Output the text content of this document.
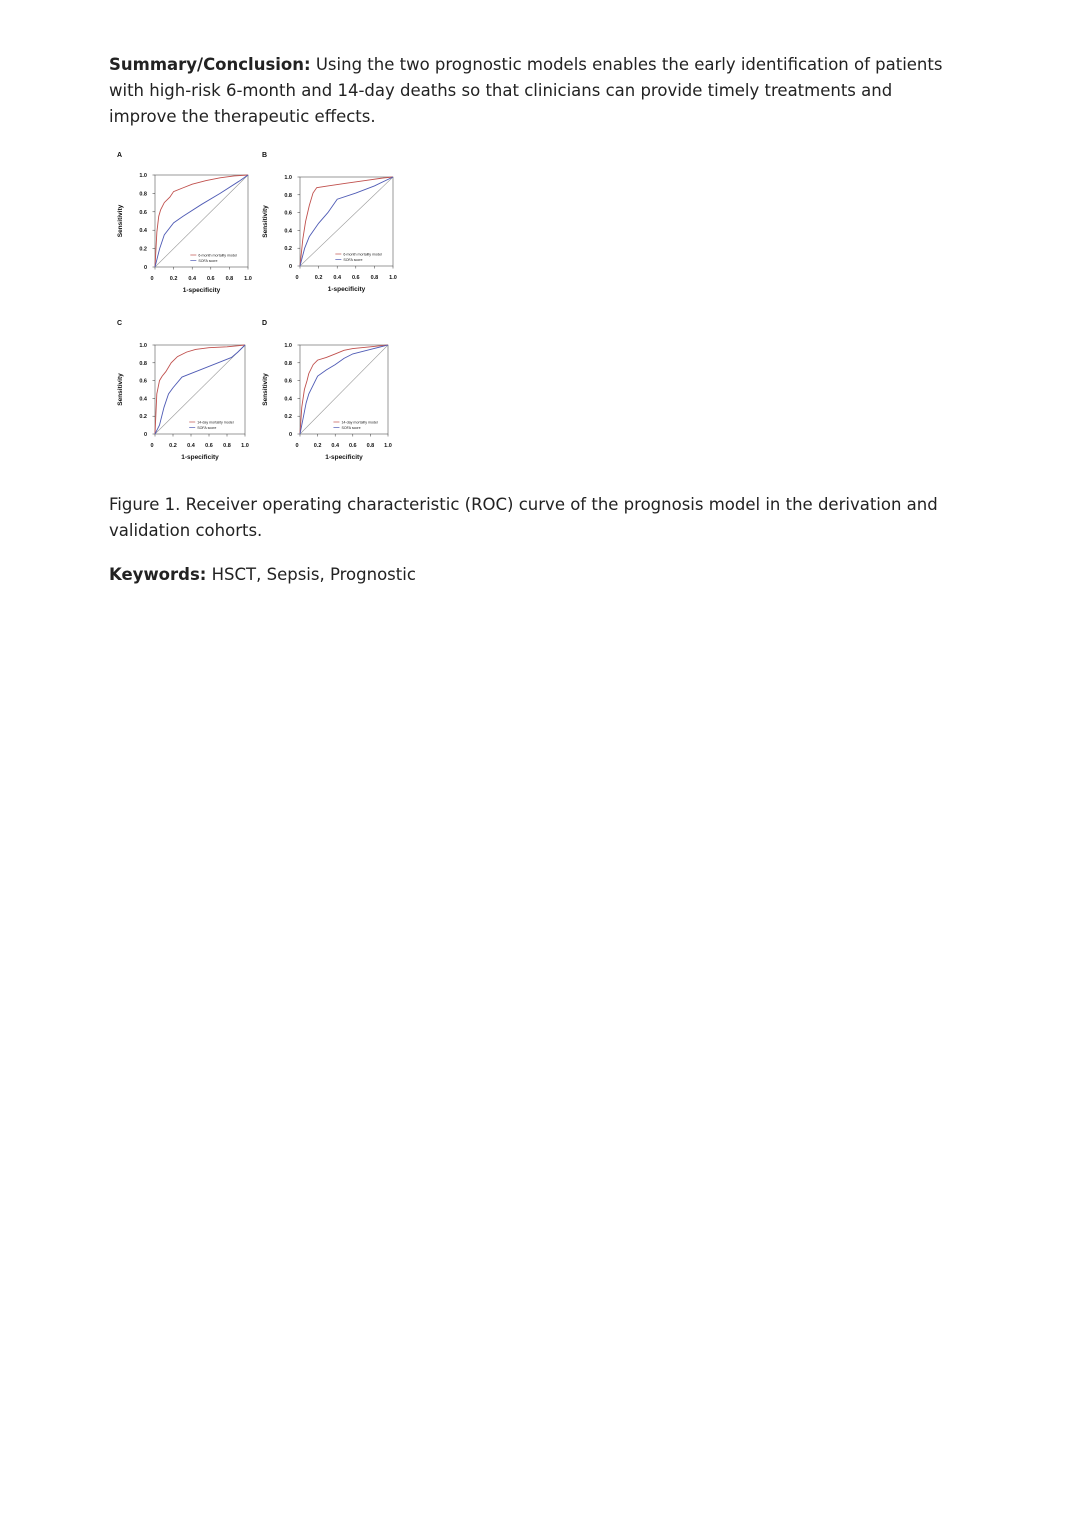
Summary/Conclusion: Using the two prognostic models enables the early identification of patients with high-risk 6-month and 14-day deaths so that clinicians can provide timely treatments and improve the therapeutic effects.

A
0
0.2
0.4
0.6
0.8
1.0
0	0.2 0.4 0.6 0.8 1.0
1-specificity
Sensitivity
6-month mortality model
SOFA score
B
0
0.2
0.4
0.6
0.8
1.0
0	0.2 0.4 0.6 0.8 1.0
1-specificity
Sensitivity
6-month mortality model
SOFA score
C
0
0.2
0.4
0.6
0.8
1.0
0	0.2 0.4 0.6 0.8 1.0
1-specificity
Sensitivity
14-day mortality model
SOFA score
D
0
0.2
0.4
0.6
0.8
1.0
0	0.2 0.4 0.6 0.8 1.0
1-specificity
Sensitivity
14-day mortality model
SOFA score

Figure 1. Receiver operating characteristic (ROC) curve of the prognosis model in the derivation and validation cohorts.

Keywords: HSCT, Sepsis, Prognostic
